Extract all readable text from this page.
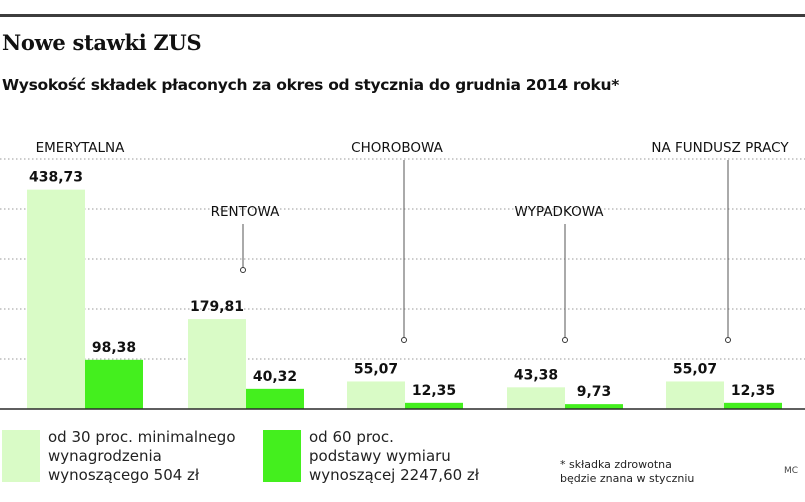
Nowe stawki ZUS
Wysokość składek płaconych za okres od stycznia do grudnia 2014 roku*
438,73
98,38
EMERYTALNA
179,81
40,32
RENTOWA
55,07
12,35
CHOROBOWA
43,38
9,73
WYPADKOWA
55,07
12,35
NA FUNDUSZ PRACY
od 30 proc. minimalnego
wynagrodzenia
wynoszącego 504 zł
od 60 proc.
podstawy wymiaru
wynoszącej 2247,60 zł
* składka zdrowotna
będzie znana w styczniu
MC
